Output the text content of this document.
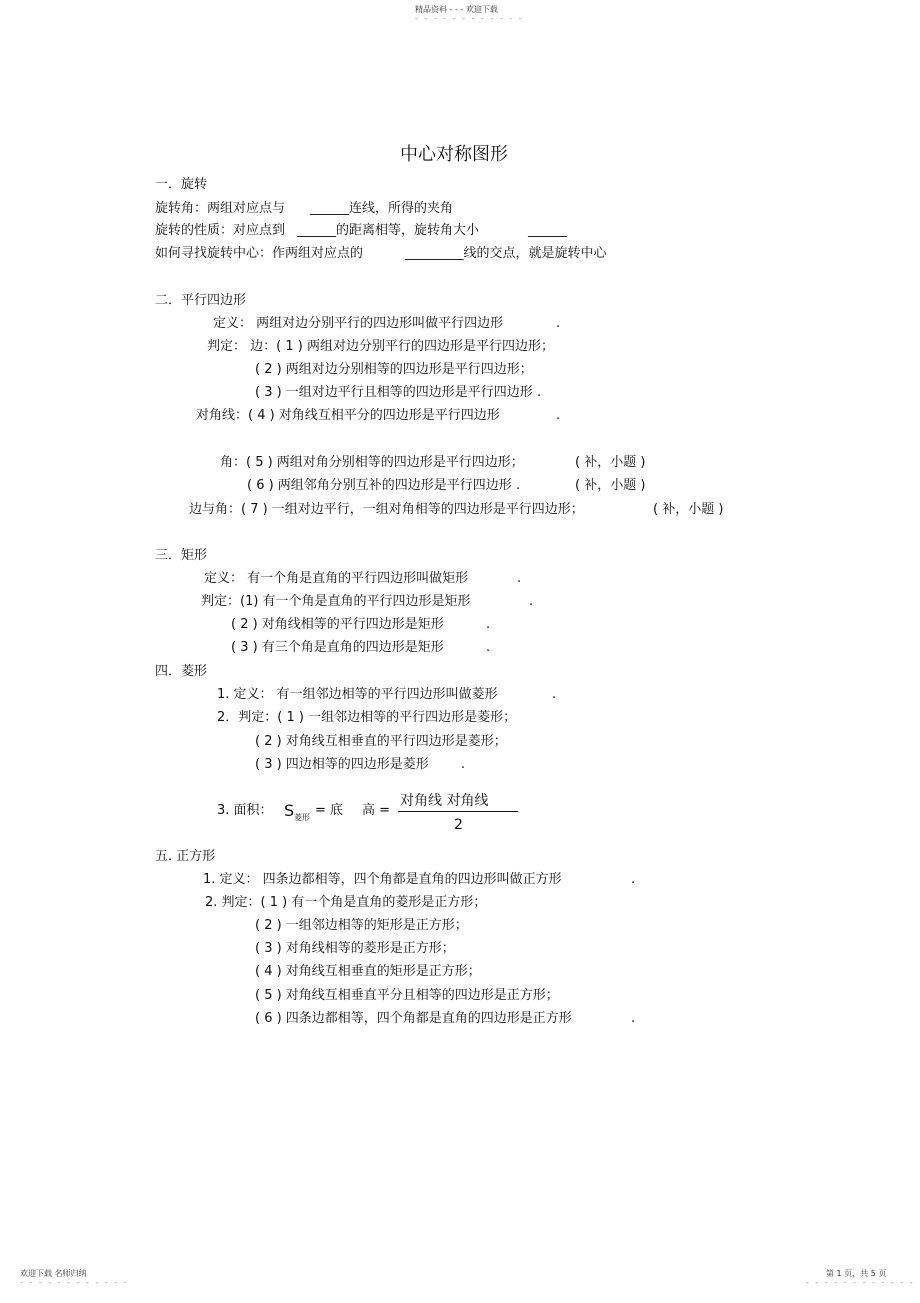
精品资料 - - - 欢迎下载
- - - - - - - - - - - -
中心对称图形
一．旋转
旋转角：两组对应点与 ______连线，所得的夹角
旋转的性质：对应点到 ______的距离相等，旋转角大小	______
如何寻找旋转中心：作两组对应点的	_________线的交点，就是旋转中心
二．平行四边形
定义： 两组对边分别平行的四边形叫做平行四边形	.
判定： 边：( 1 ) 两组对边分别平行的四边形是平行四边形；
( 2 ) 两组对边分别相等的四边形是平行四边形；
( 3 ) 一组对边平行且相等的四边形是平行四边形 .
对角线：( 4 ) 对角线互相平分的四边形是平行四边形	.
角：( 5 ) 两组对角分别相等的四边形是平行四边形；	( 补，小题 )
( 6 ) 两组邻角分别互补的四边形是平行四边形 .	( 补，小题 )
边与角：( 7 ) 一组对边平行，一组对角相等的四边形是平行四边形；	( 补，小题 )
三．矩形
定义： 有一个角是直角的平行四边形叫做矩形	.
判定：(1) 有一个角是直角的平行四边形是矩形	.
( 2 ) 对角线相等的平行四边形是矩形	.
( 3 ) 有三个角是直角的四边形是矩形	.
四．菱形
1. 定义： 有一组邻边相等的平行四边形叫做菱形	.
2．判定：( 1 ) 一组邻边相等的平行四边形是菱形；
( 2 ) 对角线互相垂直的平行四边形是菱形；
( 3 ) 四边相等的四边形是菱形 .
3. 面积： S 菱形 = 底 高 =
对角线 对角线
2
五. 正方形
1. 定义： 四条边都相等，四个角都是直角的四边形叫做正方形	.
2. 判定：( 1 ) 有一个角是直角的菱形是正方形；
( 2 ) 一组邻边相等的矩形是正方形；
( 3 ) 对角线相等的菱形是正方形；
( 4 ) 对角线互相垂直的矩形是正方形；
( 5 ) 对角线互相垂直平分且相等的四边形是正方形；
( 6 ) 四条边都相等，四个角都是直角的四边形是正方形	.
欢迎下载 名师归纳
- - - - - - - - - - - -
第 1 页，共 5 页
- - - - - - - - - - - -
